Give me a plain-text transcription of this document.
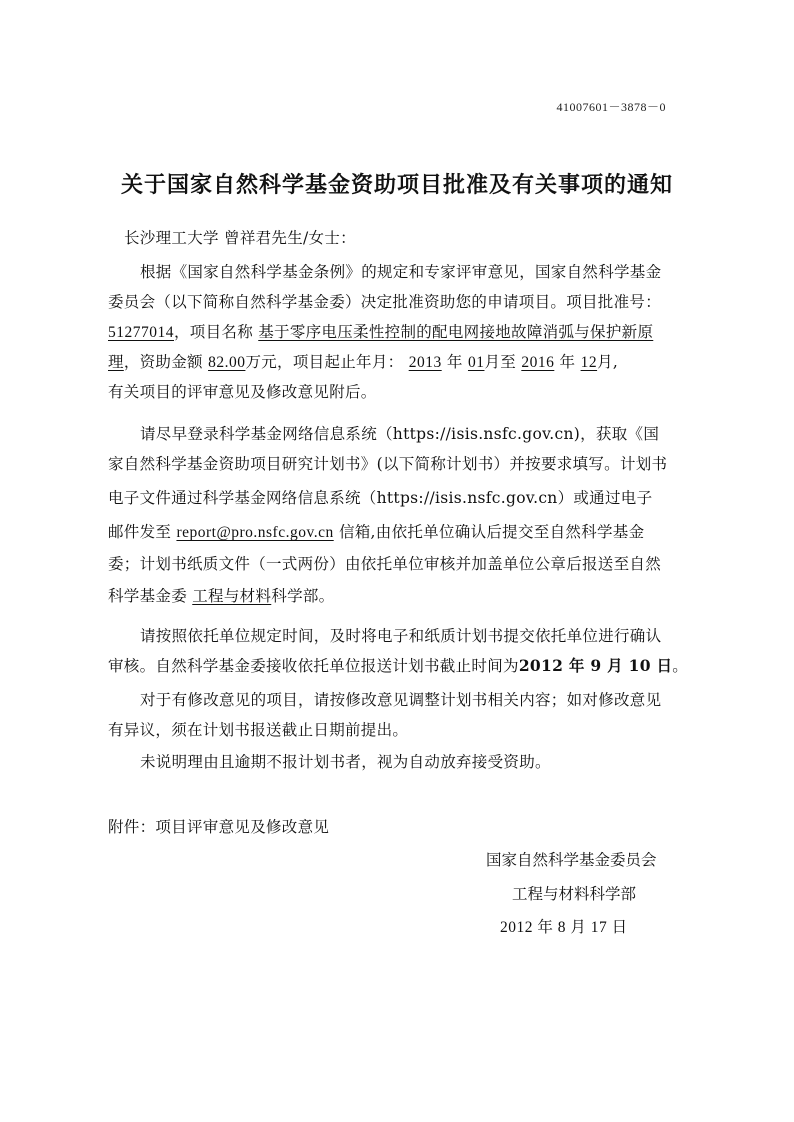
41007601－3878－0
关于国家自然科学基金资助项目批准及有关事项的通知
长沙理工大学 曾祥君先生/女士：
根据《国家自然科学基金条例》的规定和专家评审意见，国家自然科学基金
委员会（以下简称自然科学基金委）决定批准资助您的申请项目。项目批准号：
51277014，项目名称 基于零序电压柔性控制的配电网接地故障消弧与保护新原
理，资助金额 82.00万元，项目起止年月： 2013 年 01月至 2016 年 12月,
有关项目的评审意见及修改意见附后。
请尽早登录科学基金网络信息系统（https://isis.nsfc.gov.cn)，获取《国
家自然科学基金资助项目研究计划书》(以下简称计划书）并按要求填写。计划书
电子文件通过科学基金网络信息系统（https://isis.nsfc.gov.cn）或通过电子
邮件发至 report@pro.nsfc.gov.cn 信箱,由依托单位确认后提交至自然科学基金
委；计划书纸质文件（一式两份）由依托单位审核并加盖单位公章后报送至自然
科学基金委 工程与材料科学部。
请按照依托单位规定时间，及时将电子和纸质计划书提交依托单位进行确认
审核。自然科学基金委接收依托单位报送计划书截止时间为2012 年 9 月 10 日。
对于有修改意见的项目，请按修改意见调整计划书相关内容；如对修改意见
有异议，须在计划书报送截止日期前提出。
未说明理由且逾期不报计划书者，视为自动放弃接受资助。
附件：项目评审意见及修改意见
国家自然科学基金委员会
工程与材料科学部
2012 年 8 月 17 日
